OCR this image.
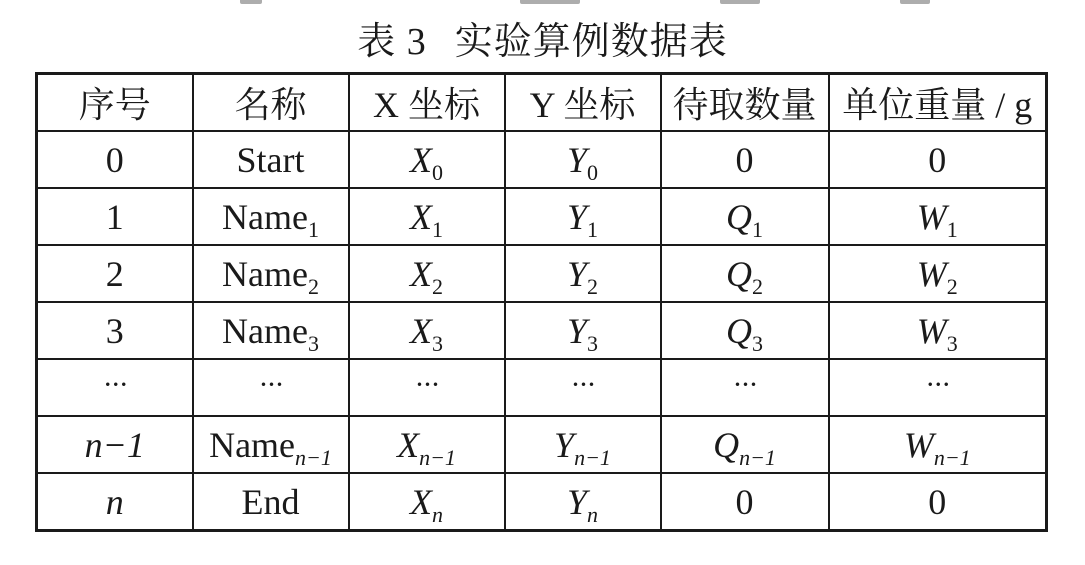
表 3 实验算例数据表
序号	名称	X 坐标	Y 坐标	待取数量	单位重量 / g
0	Start	$X_0$	$Y_0$	0	0
1	Name$_1$	$X_1$	$Y_1$	$Q_1$	$W_1$
2	Name$_2$	$X_2$	$Y_2$	$Q_2$	$W_2$
3	Name$_3$	$X_3$	$Y_3$	$Q_3$	$W_3$
···	···	···	···	···	···
n−1	Name$_{n-1}$	$X_{n-1}$	$Y_{n-1}$	$Q_{n-1}$	$W_{n-1}$
n	End	$X_n$	$Y_n$	0	0
